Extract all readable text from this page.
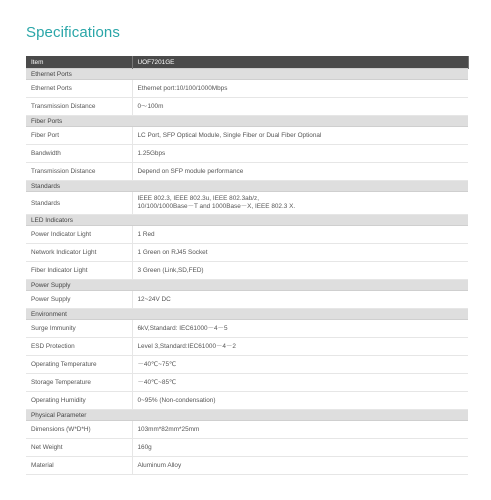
Specifications
Item	UOF7201GE
Ethernet Ports	
Ethernet Ports	Ethernet port:10/100/1000Mbps
Transmission Distance	0～100m
Fiber Ports	
Fiber Port	LC Port, SFP Optical Module, Single Fiber or Dual Fiber Optional
Bandwidth	1.25Gbps
Transmission Distance	Depend on SFP module performance
Standards	
Standards	IEEE 802.3, IEEE 802.3u, IEEE 802.3ab/z,
10/100/1000Base－T and 1000Base－X, IEEE 802.3 X.

LED Indicators	
Power Indicator Light	1 Red
Network Indicator Light	1 Green on RJ45 Socket
Fiber Indicator Light	3 Green (Link,SD,FED)
Power Supply	
Power Supply	12~24V DC
Environment	
Surge Immunity	6kV,Standard: IEC61000－4－5
ESD Protection	Level 3,Standard:IEC61000－4－2
Operating Temperature	－40℃~75℃
Storage Temperature	－40℃~85℃
Operating Humidity	0~95% (Non-condensation)
Physical Parameter	
Dimensions (W*D*H)	103mm*82mm*25mm
Net Weight	160g
Material	Aluminum Alloy
